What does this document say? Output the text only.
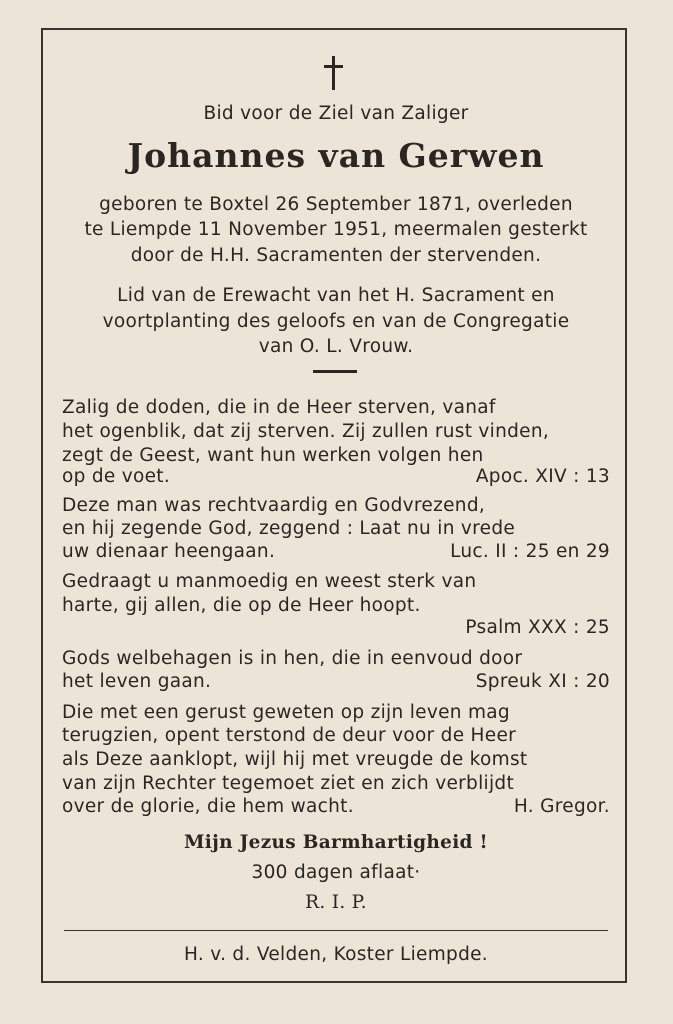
Bid voor de Ziel van Zaliger
Johannes van Gerwen
geboren te Boxtel 26 September 1871, overleden
te Liempde 11 November 1951, meermalen gesterkt
door de H.H. Sacramenten der stervenden.
Lid van de Erewacht van het H. Sacrament en
voortplanting des geloofs en van de Congregatie
van O. L. Vrouw.
Zalig de doden, die in de Heer sterven, vanaf
het ogenblik, dat zij sterven. Zij zullen rust vinden,
zegt de Geest, want hun werken volgen hen
op de voet.	Apoc. XIV : 13
Deze man was rechtvaardig en Godvrezend,
en hij zegende God, zeggend : Laat nu in vrede
uw dienaar heengaan.	Luc. II : 25 en 29
Gedraagt u manmoedig en weest sterk van
harte, gij allen, die op de Heer hoopt.
Psalm XXX : 25
Gods welbehagen is in hen, die in eenvoud door
het leven gaan.	Spreuk XI : 20
Die met een gerust geweten op zijn leven mag
terugzien, opent terstond de deur voor de Heer
als Deze aanklopt, wijl hij met vreugde de komst
van zijn Rechter tegemoet ziet en zich verblijdt
over de glorie, die hem wacht.	H. Gregor.
Mijn Jezus Barmhartigheid !
300 dagen aflaat·
R. I. P.
H. v. d. Velden, Koster Liempde.
